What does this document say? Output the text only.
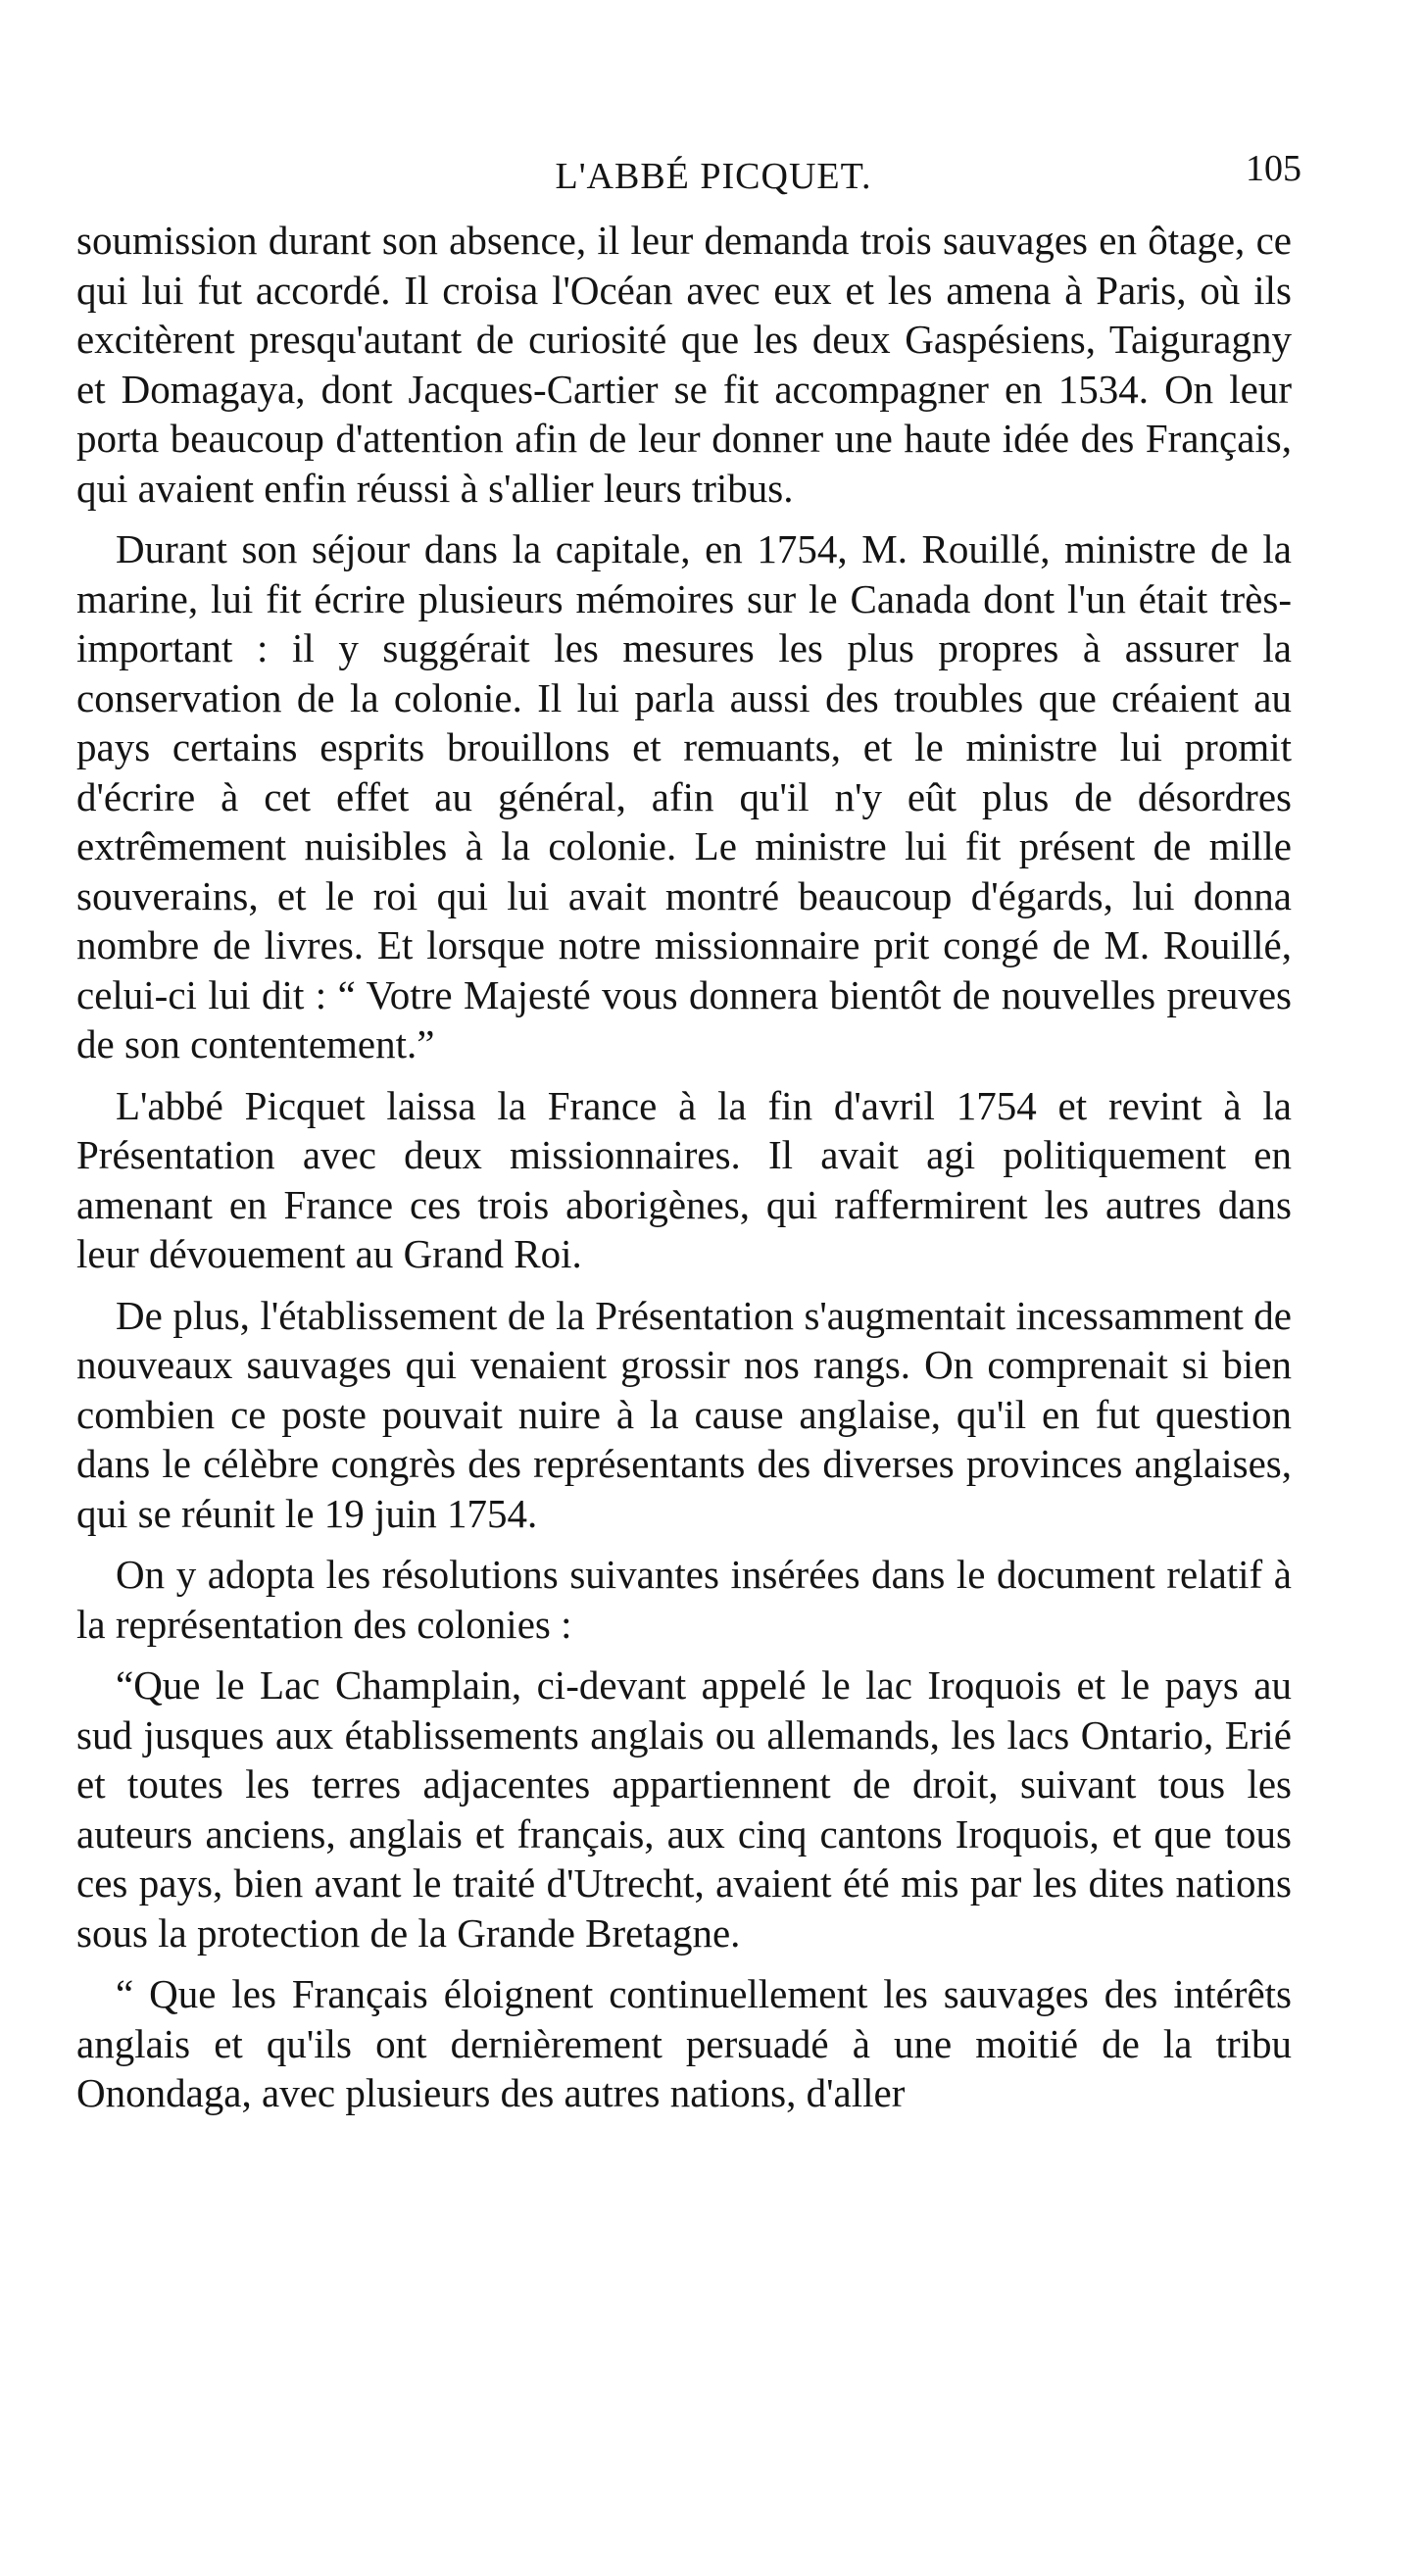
L'ABBÉ PICQUET.	105

soumission durant son absence, il leur demanda trois sauvages en ôtage, ce qui lui fut accordé. Il croisa l'Océan avec eux et les amena à Paris, où ils excitèrent presqu'autant de curiosité que les deux Gaspésiens, Taiguragny et Domagaya, dont Jacques-Cartier se fit accompagner en 1534. On leur porta beaucoup d'attention afin de leur donner une haute idée des Français, qui avaient enfin réussi à s'allier leurs tribus.

Durant son séjour dans la capitale, en 1754, M. Rouillé, ministre de la marine, lui fit écrire plusieurs mémoires sur le Canada dont l'un était très-important : il y suggérait les mesures les plus propres à assurer la conservation de la colonie. Il lui parla aussi des troubles que créaient au pays certains esprits brouillons et remuants, et le ministre lui promit d'écrire à cet effet au général, afin qu'il n'y eût plus de désordres extrêmement nuisibles à la colonie. Le ministre lui fit présent de mille souverains, et le roi qui lui avait montré beaucoup d'égards, lui donna nombre de livres. Et lorsque notre missionnaire prit congé de M. Rouillé, celui-ci lui dit : “ Votre Majesté vous donnera bientôt de nouvelles preuves de son contentement.”

L'abbé Picquet laissa la France à la fin d'avril 1754 et revint à la Présentation avec deux missionnaires. Il avait agi politiquement en amenant en France ces trois aborigènes, qui raffermirent les autres dans leur dévouement au Grand Roi.

De plus, l'établissement de la Présentation s'augmentait incessamment de nouveaux sauvages qui venaient grossir nos rangs. On comprenait si bien combien ce poste pouvait nuire à la cause anglaise, qu'il en fut question dans le célèbre congrès des représentants des diverses provinces anglaises, qui se réunit le 19 juin 1754.

On y adopta les résolutions suivantes insérées dans le document relatif à la représentation des colonies :

“Que le Lac Champlain, ci-devant appelé le lac Iroquois et le pays au sud jusques aux établissements anglais ou allemands, les lacs Ontario, Erié et toutes les terres adjacentes appartiennent de droit, suivant tous les auteurs anciens, anglais et français, aux cinq cantons Iroquois, et que tous ces pays, bien avant le traité d'Utrecht, avaient été mis par les dites nations sous la protection de la Grande Bretagne.

“ Que les Français éloignent continuellement les sauvages des intérêts anglais et qu'ils ont dernièrement persuadé à une moitié de la tribu Onondaga, avec plusieurs des autres nations, d'aller
